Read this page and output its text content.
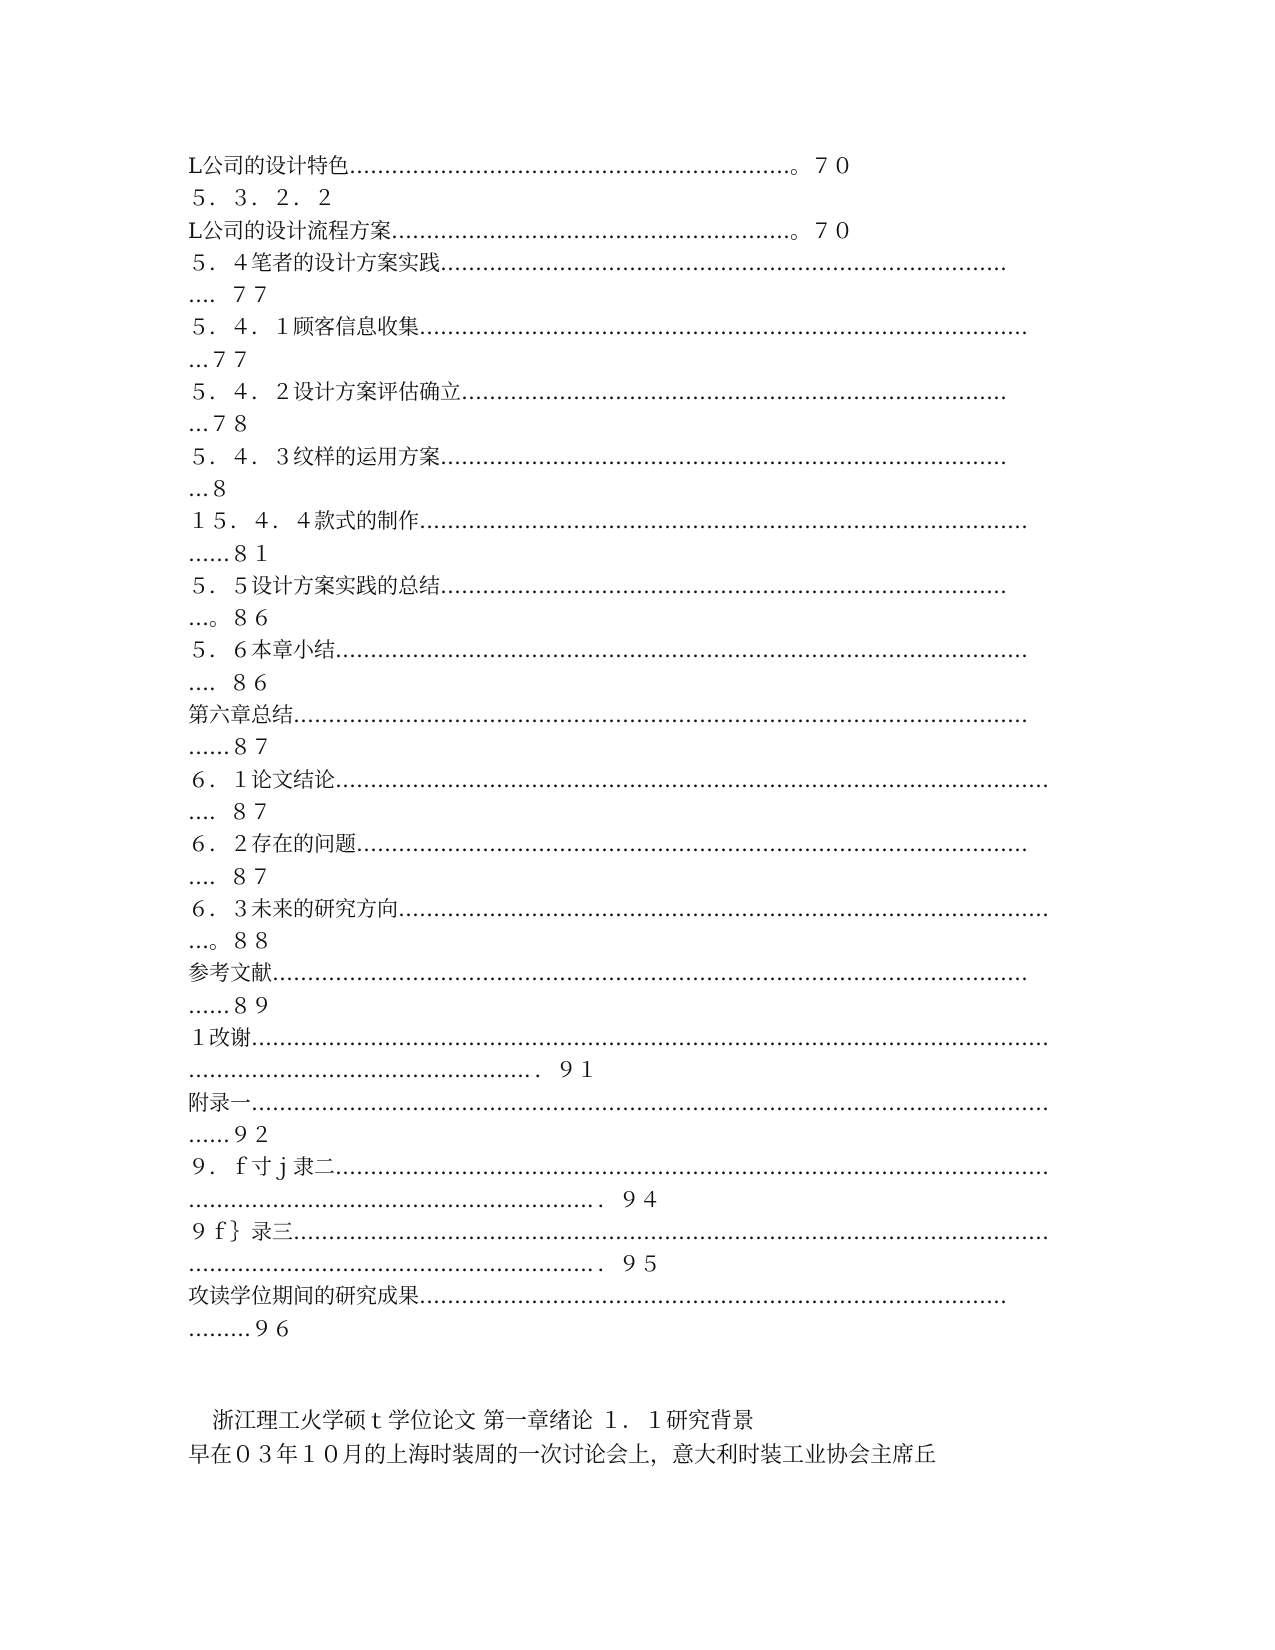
L公司的设计特色………………………………………………………。７０
５．３．２．２
L公司的设计流程方案…………………………………………………。７０
５．４笔者的设计方案实践………………………………………………………………………
….  ７７
５．４．１顾客信息收集……………………………………………………………………………
…７７
５．４．２设计方案评估确立……………………………………………………………………
…７８
５．４．３纹样的运用方案………………………………………………………………………
…８
１５．４．４款式的制作……………………………………………………………………………
……８１
５．５设计方案实践的总结………………………………………………………………………
…。８６
５．６本章小结………………………………………………………………………………………
….  ８６
第六章总结……………………………………………………………………………………………
……８７
６．１论文结论…………………………………………………………………………………………
….  ８７
６．２存在的问题……………………………………………………………………………………
….  ８７
６．３未来的研究方向…………………………………………………………………………………
…。８８
参考文献………………………………………………………………………………………………
……８９
１改谢……………………………………………………………………………………………………
…………………………………………．．９１
附录一……………………………………………………………………………………………………
……９２
９．ｆ寸ｊ隶二…………………………………………………………………………………………
…………………………………………………．．９４
９ｆ｝录三………………………………………………………………………………………………
…………………………………………………．．９５
攻读学位期间的研究成果…………………………………………………………………………
………９６
浙江理工火学硕ｔ学位论文 第一章绪论 １．１研究背景
早在０３年１０月的上海时装周的一次讨论会上，意大利时装工业协会主席丘
